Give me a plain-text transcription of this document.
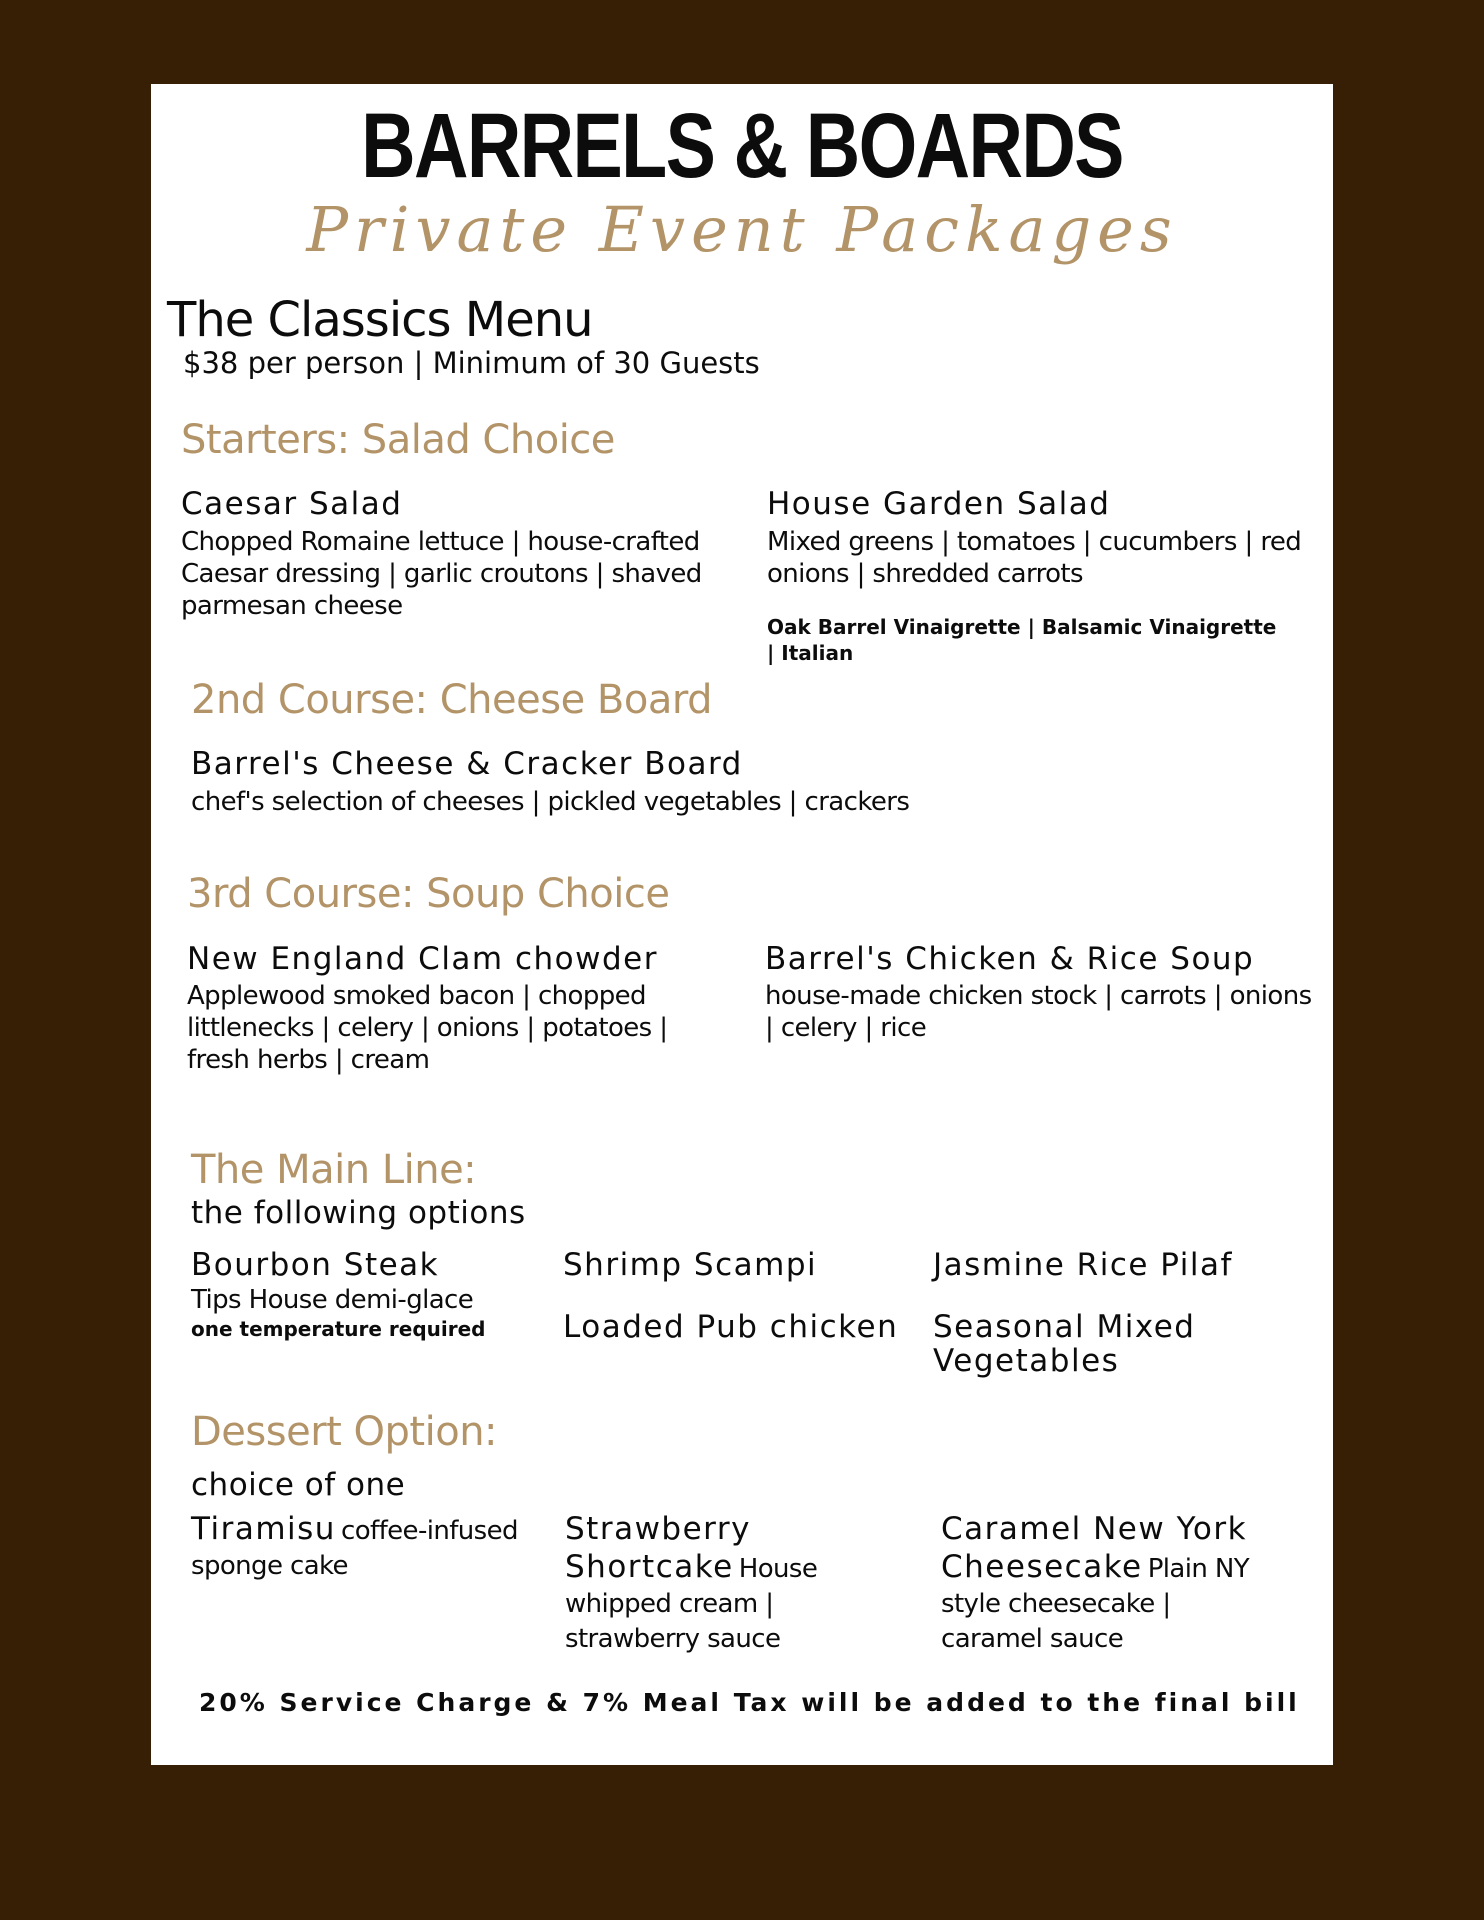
BARRELS & BOARDS
Private Event Packages
The Classics Menu
$38 per person | Minimum of 30 Guests
Starters: Salad Choice
Caesar Salad
Chopped Romaine lettuce | house-crafted Caesar dressing | garlic croutons | shaved parmesan cheese
House Garden Salad
Mixed greens | tomatoes | cucumbers | red onions | shredded carrots
Oak Barrel Vinaigrette | Balsamic Vinaigrette | Italian
2nd Course: Cheese Board
Barrel's Cheese & Cracker Board
chef's selection of cheeses | pickled vegetables | crackers
3rd Course: Soup Choice
New England Clam chowder
Applewood smoked bacon | chopped littlenecks | celery | onions | potatoes | fresh herbs | cream
Barrel's Chicken & Rice Soup
house-made chicken stock | carrots | onions | celery | rice
The Main Line:
the following options
Bourbon Steak
Tips House demi-glace
one temperature required
Shrimp Scampi
Loaded Pub chicken
Jasmine Rice Pilaf
Seasonal Mixed Vegetables
Dessert Option:
choice of one
Tiramisu coffee-infused sponge cake
Strawberry Shortcake House whipped cream | strawberry sauce
Caramel New York Cheesecake Plain NY style cheesecake | caramel sauce
20% Service Charge & 7% Meal Tax will be added to the final bill
